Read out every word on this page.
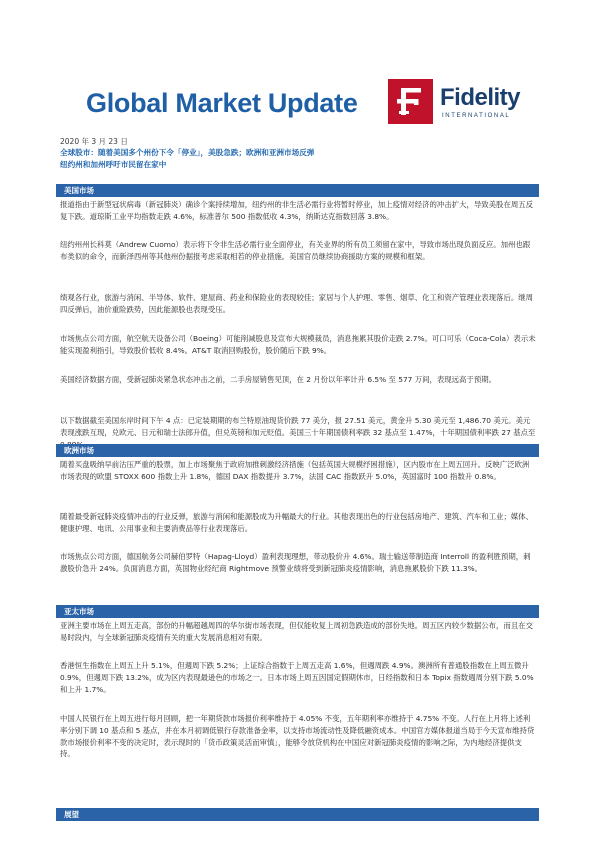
Global Market Update	Fidelity
INTERNATIONAL
2020 年 3 月 23 日
全球股市：随着美国多个州份下令「停业」，美股急跌；欧洲和亚洲市场反弹
纽约州和加州呼吁市民留在家中
美国市场
报道指由于新型冠状病毒（新冠肺炎）确诊个案持续增加，纽约州的非生活必需行业将暂时停业，加上疫情对经济的冲击扩大，导致美股在周五反复下跌。道琼斯工业平均指数走跌 4.6%，标准普尔 500 指数低收 4.3%，纳斯达克指数回落 3.8%。
纽约州州长科莫（Andrew Cuomo）表示将下令非生活必需行业全面停业，有关业界的所有员工须留在家中，导致市场出现负面反应。加州也跟布类似的命令，而新泽西州等其他州份据报考虑采取相若的停业措施。美国官员继续协商援助方案的规模和框架。
绩观各行业，旅游与消闲、半导体、软件、建屋商、药业和保险业的表现较佳；家居与个人护理、零售、烟草、化工和资产管理业表现落后。继周四反弹后，油价重险跌势，因此能源股也表现受压。
市场焦点公司方面，航空航天设备公司（Boeing）可能削减股息及宣布大规模裁员，消息拖累其股价走跌 2.7%。可口可乐（Coca-Cola）表示未能实现盈利指引，导致股价低收 8.4%。AT&T 取消回购股份，股价随后下跌 9%。
美国经济数据方面，受新冠肺炎紧急状态冲击之前，二手房屋销售见顶，在 2 月份以年率计升 6.5% 至 577 万间，表现远高于预期。
以下数据截至美国东岸时间下午 4 点：已定装期期的布兰特原油现货价跌 77 美分，报 27.51 美元，黄金升 5.30 美元至 1,486.70 美元。美元表现涨跌互现，兑欧元、日元和瑞士法郎升值，但兑英镑和加元贬值。美国三十年期国债利率跌 32 基点至 1.47%，十年期国债利率跌 27 基点至
欧洲市场
随着买盘吸纳早前沽压严重的股票，加上市场聚焦于政府加推刺激经济措施（包括英国大规模纾困措施），区内股市在上周五回升。反映广泛欧洲市场表现的欧盟 STOXX 600 指数上升 1.8%，德国 DAX 指数提升 3.7%，法国 CAC 指数跃升 5.0%，英国富时 100 指数升 0.8%。
随着最受新冠肺炎疫情冲击的行业反弹，旅游与消闲和能源股成为升幅最大的行业。其他表现出色的行业包括房地产、建筑、汽车和工业；媒体、健康护理、电讯、公用事业和主要消费品等行业表现落后。
市场焦点公司方面，德国航务公司赫伯罗特（Hapag-Lloyd）盈利表现理想，带动股价升 4.6%。瑞士输送带制造商 Interroll 的盈利胜预期，刺激股价急升 24%。负面消息方面，英国物业经纪商 Rightmove 预警业绩将受到新冠肺炎疫情影响，消息拖累股价下跌 11.3%。
亚太市场
亚洲主要市场在上周五走高，部份的升幅超越周四的华尔街市场表现，但仅能收复上周初急跌造成的部份失地。周五区内较少数据公布，而且在交易时段内，与全球新冠肺炎疫情有关的重大发展消息相对有限。
香港恒生指数在上周五上升 5.1%，但週周下跌 5.2%；上证综合指数于上周五走高 1.6%，但週周跌 4.9%。澳洲所有普通股指数在上周五微升 0.9%，但週周下跌 13.2%，成为区内表现最逊色的市场之一。日本市场上周五因国定假期休市，日经指数和日本 Topix 指数週周分别下跌 5.0% 和上升 1.7%。
中国人民银行在上周五进行每月回顾，把一年期贷款市场报价利率维持于 4.05% 不变，五年期利率亦维持于 4.75% 不变。人行在上月将上述利率分别下调 10 基点和 5 基点，并在本月初调低银行存款准备金率，以支持市场流动性及降低融资成本。中国官方媒体报道当局于今天宣布维持贷款市场报价利率不变的决定时，表示现时的「货币政策灵活而审慎」，能够令放贷机构在中国应对新冠肺炎疫情的影响之际，为内地经济提供支持。
展望
